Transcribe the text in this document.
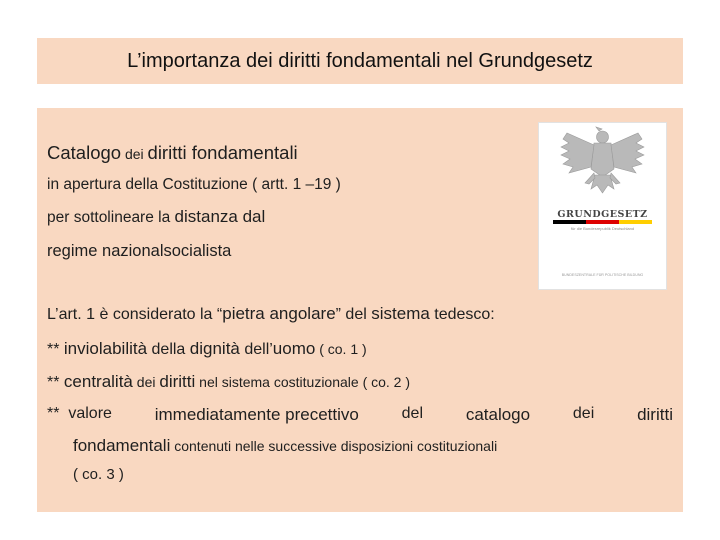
L’importanza dei diritti fondamentali nel Grundgesetz
Catalogo dei diritti fondamentali
in apertura della Costituzione ( artt. 1 –19 )
per sottolineare la distanza dal
regime nazionalsocialista
L’art. 1 è considerato la “pietra angolare” del sistema tedesco:
** inviolabilità della dignità dell’uomo ( co. 1 )
** centralità dei diritti nel sistema costituzionale ( co. 2 )
**  valore immediatamente precettivo del catalogo dei diritti
fondamentali contenuti nelle successive disposizioni costituzionali
( co. 3 )
GRUNDGESETZ
für die Bundesrepublik Deutschland
BUNDESZENTRALE FÜR POLITISCHE BILDUNG
